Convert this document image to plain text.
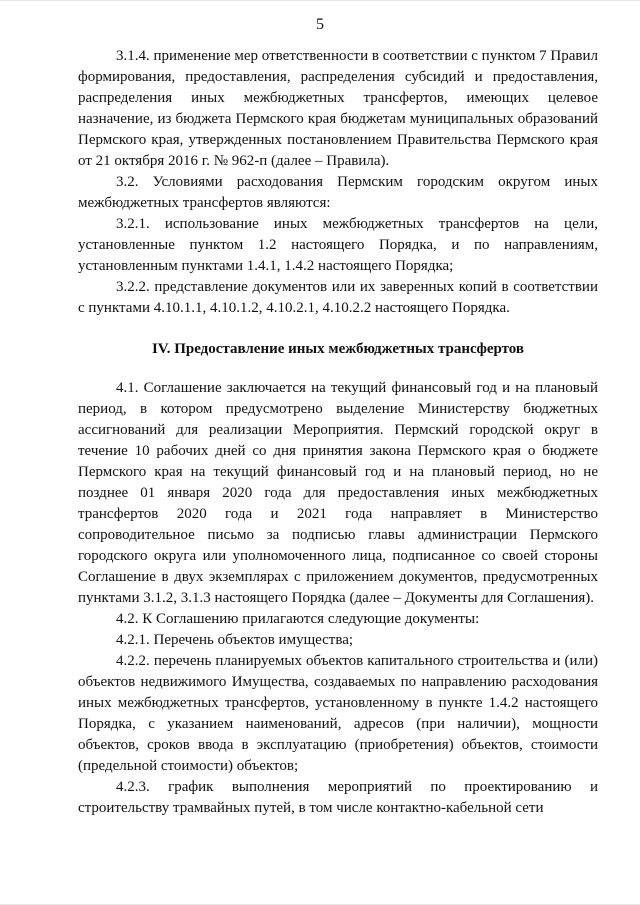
5

3.1.4. применение мер ответственности в соответствии с пунктом 7 Правил формирования, предоставления, распределения субсидий и предоставления, распределения иных межбюджетных трансфертов, имеющих целевое назначение, из бюджета Пермского края бюджетам муниципальных образований Пермского края, утвержденных постановлением Правительства Пермского края от 21 октября 2016 г. № 962-п (далее – Правила).

3.2. Условиями расходования Пермским городским округом иных межбюджетных трансфертов являются:

3.2.1. использование иных межбюджетных трансфертов на цели, установленные пунктом 1.2 настоящего Порядка, и по направлениям, установленным пунктами 1.4.1, 1.4.2 настоящего Порядка;

3.2.2. представление документов или их заверенных копий в соответствии с пунктами 4.10.1.1, 4.10.1.2, 4.10.2.1, 4.10.2.2 настоящего Порядка.

IV. Предоставление иных межбюджетных трансфертов

4.1. Соглашение заключается на текущий финансовый год и на плановый период, в котором предусмотрено выделение Министерству бюджетных ассигнований для реализации Мероприятия. Пермский городской округ в течение 10 рабочих дней со дня принятия закона Пермского края о бюджете Пермского края на текущий финансовый год и на плановый период, но не позднее 01 января 2020 года для предоставления иных межбюджетных трансфертов 2020 года и 2021 года направляет в Министерство сопроводительное письмо за подписью главы администрации Пермского городского округа или уполномоченного лица, подписанное со своей стороны Соглашение в двух экземплярах с приложением документов, предусмотренных пунктами 3.1.2, 3.1.3 настоящего Порядка (далее – Документы для Соглашения).

4.2. К Соглашению прилагаются следующие документы:

4.2.1. Перечень объектов имущества;

4.2.2. перечень планируемых объектов капитального строительства и (или) объектов недвижимого Имущества, создаваемых по направлению расходования иных межбюджетных трансфертов, установленному в пункте 1.4.2 настоящего Порядка, с указанием наименований, адресов (при наличии), мощности объектов, сроков ввода в эксплуатацию (приобретения) объектов, стоимости (предельной стоимости) объектов;

4.2.3. график выполнения мероприятий по проектированию и строительству трамвайных путей, в том числе контактно-кабельной сети
